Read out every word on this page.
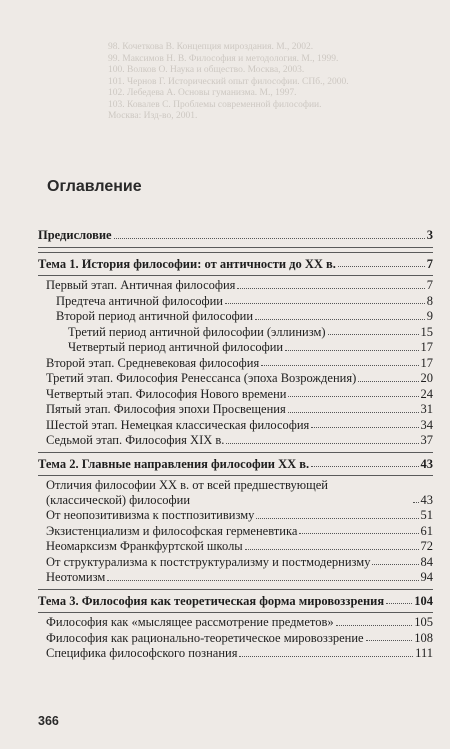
98. Кочеткова В. Концепция мироздания. М., 2002.
99. Максимов Н. В. Философия и методология. М., 1999.
100. Волков О. Наука и общество. Москва, 2003.
101. Чернов Г. Исторический опыт философии. СПб., 2000.
102. Лебедева А. Основы гуманизма. М., 1997.
103. Ковалев С. Проблемы современной философии.
Москва: Изд-во, 2001.
Оглавление
Предисловие	3
Тема 1. История философии: от античности до XX в.	7
Первый этап. Античная философия	7
Предтеча античной философии	8
Второй период античной философии	9
Третий период античной философии (эллинизм)	15
Четвертый период античной философии	17
Второй этап. Средневековая философия	17
Третий этап. Философия Ренессанса (эпоха Возрождения)	20
Четвертый этап. Философия Нового времени	24
Пятый этап. Философия эпохи Просвещения	31
Шестой этап. Немецкая классическая философия	34
Седьмой этап. Философия XIX в.	37
Тема 2. Главные направления философии XX в.	43
Отличия философии XX в. от всей предшествующей (классической) философии	43
От неопозитивизма к постпозитивизму	51
Экзистенциализм и философская герменевтика	61
Неомарксизм Франкфуртской школы	72
От структурализма к постструктурализму и постмодернизму	84
Неотомизм	94
Тема 3. Философия как теоретическая форма мировоззрения 104
Философия как «мыслящее рассмотрение предметов»	105
Философия как рационально-теоретическое мировоззрение	108
Специфика философского познания	111
366
